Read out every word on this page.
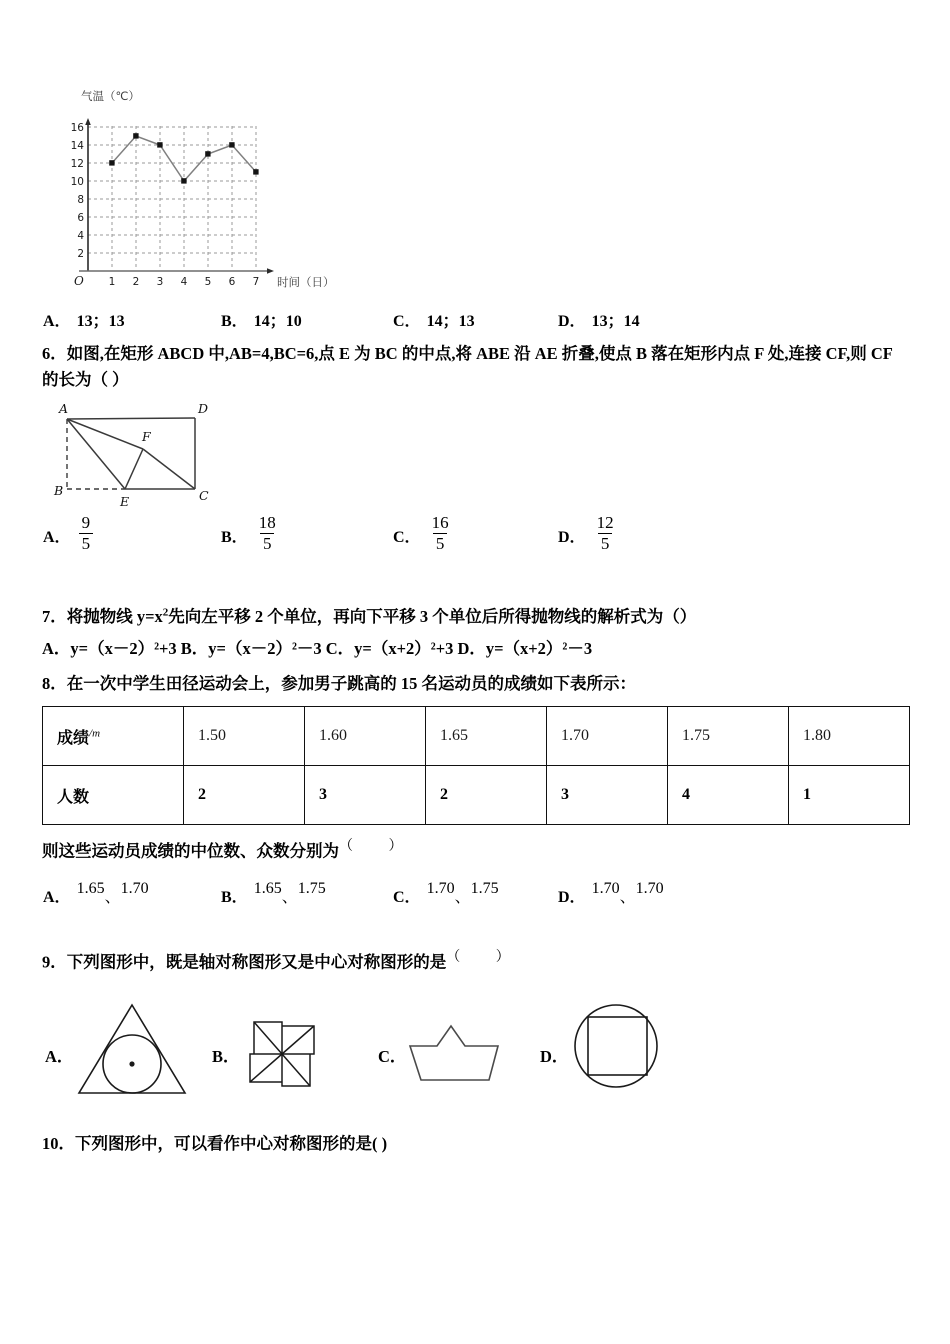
气温（℃）
2
4
6
8
10
12
14
16
O 1 2 3 4 5 6 7 时间（日）
A． 13；13	B． 14；10	C． 14；13	D． 13；14
6．如图,在矩形 ABCD 中,AB=4,BC=6,点 E 为 BC 的中点,将 ABE 沿 AE 折叠,使点 B 落在矩形内点 F 处,连接 CF,则 CF
的长为（ ）
A	D
B
E	C
F
A． $\frac{9}{5}$	B． $\frac{18}{5}$	C． $\frac{16}{5}$	D． $\frac{12}{5}$
7．将抛物线 $y=x^2$先向左平移 2 个单位，再向下平移 3 个单位后所得抛物线的解析式为（）
A．y=（x－2）²+3 B．y=（x－2）²－3 C．y=（x+2）²+3 D．y=（x+2）²－3
8．在一次中学生田径运动会上，参加男子跳高的 15 名运动员的成绩如下表所示：
成绩$^{/m}$	1.50	1.60	1.65	1.70	1.75	1.80
人数	2	3	2	3	4	1
则这些运动员成绩的中位数、众数分别为（ ）
A．
1.65
、
1.70
B．
1.65
、
1.75
C．
1.70
、
1.75
D．
1.70
、
1.70
9．下列图形中，既是轴对称图形又是中心对称图形的是（ ）
A．	B．	C．	D．
10．下列图形中，可以看作中心对称图形的是( )
